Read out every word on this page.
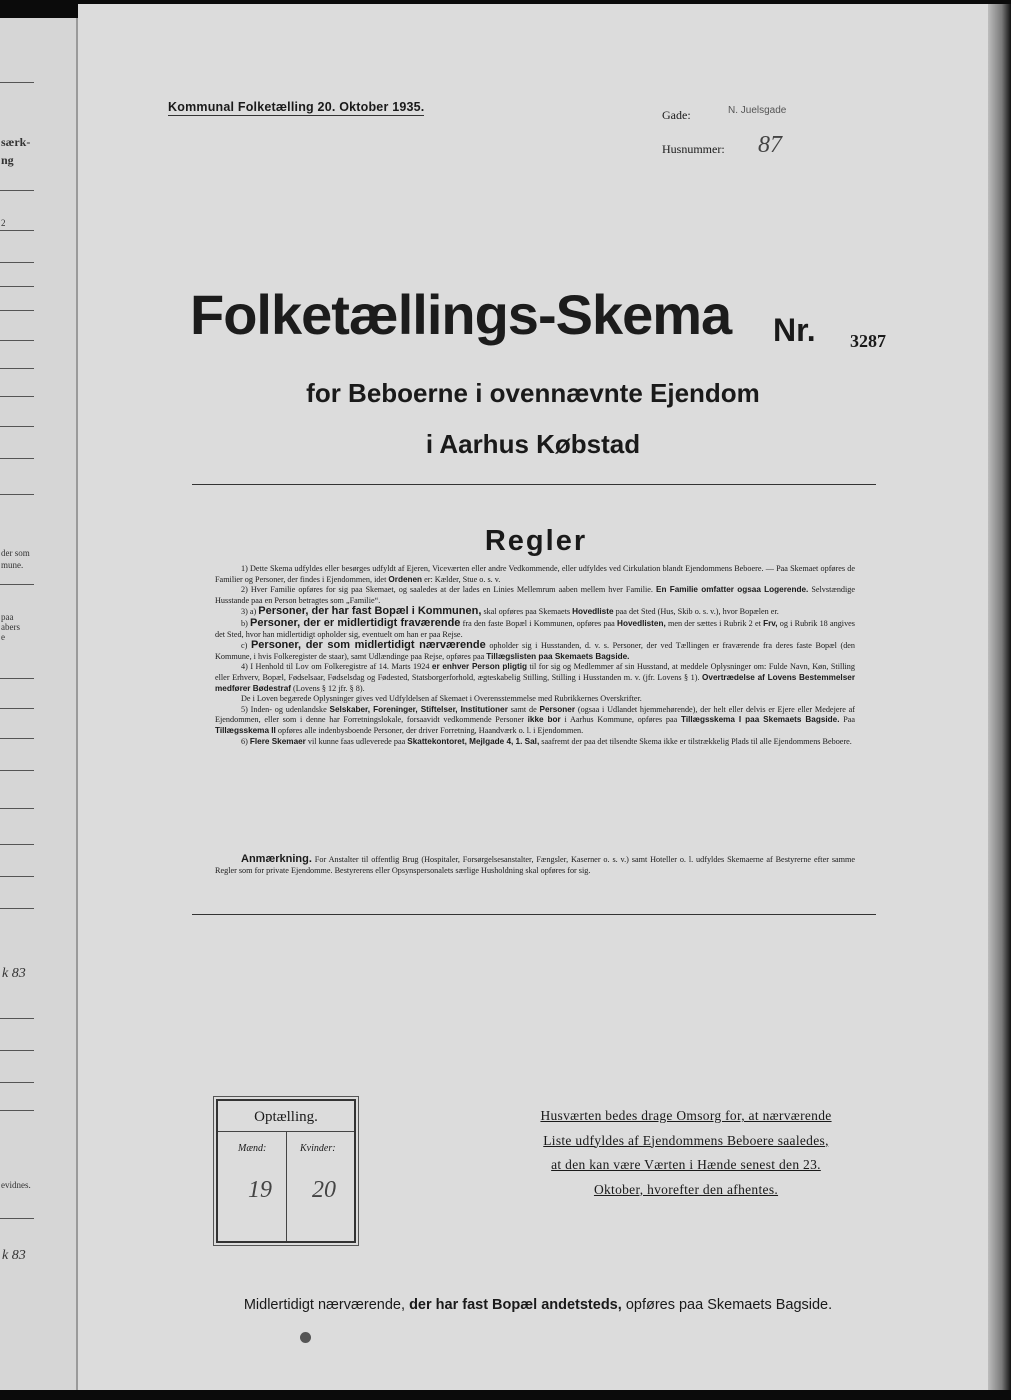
særk-
ng
2
der som
mune.
paa
abers
e
k 83
evidnes.
k 83
Kommunal Folketælling 20. Oktober 1935.
Gade:	N. Juelsgade
Husnummer: 87
Folketællings-Skema	Nr. 3287
for Beboerne i ovennævnte Ejendom
i Aarhus Købstad
Regler

1) Dette Skema udfyldes eller besørges udfyldt af Ejeren, Viceværten eller andre Vedkommende, eller udfyldes ved Cirkulation blandt Ejendommens Beboere. — Paa Skemaet opføres de Familier og Personer, der findes i Ejendommen, idet Ordenen er: Kælder, Stue o. s. v.

2) Hver Familie opføres for sig paa Skemaet, og saaledes at der lades en Linies Mellemrum aaben mellem hver Familie. En Familie omfatter ogsaa Logerende. Selvstændige Husstande paa en Person betragtes som „Familie“.

3) a) Personer, der har fast Bopæl i Kommunen, skal opføres paa Skemaets Hovedliste paa det Sted (Hus, Skib o. s. v.), hvor Bopælen er.

b) Personer, der er midlertidigt fraværende fra den faste Bopæl i Kommunen, opføres paa Hovedlisten, men der sættes i Rubrik 2 et Frv, og i Rubrik 18 angives det Sted, hvor han midlertidigt opholder sig, eventuelt om han er paa Rejse.

c) Personer, der som midlertidigt nærværende opholder sig i Husstanden, d. v. s. Personer, der ved Tællingen er fraværende fra deres faste Bopæl (den Kommune, i hvis Folkeregister de staar), samt Udlændinge paa Rejse, opføres paa Tillægslisten paa Skemaets Bagside.

4) I Henhold til Lov om Folkeregistre af 14. Marts 1924 er enhver Person pligtig til for sig og Medlemmer af sin Husstand, at meddele Oplysninger om: Fulde Navn, Køn, Stilling eller Erhverv, Bopæl, Fødselsaar, Fødselsdag og Fødested, Statsborgerforhold, ægteskabelig Stilling, Stilling i Husstanden m. v. (jfr. Lovens § 1). Overtrædelse af Lovens Bestemmelser medfører Bødestraf (Lovens § 12 jfr. § 8).

De i Loven begærede Oplysninger gives ved Udfyldelsen af Skemaet i Overensstemmelse med Rubrikkernes Overskrifter.

5) Inden- og udenlandske Selskaber, Foreninger, Stiftelser, Institutioner samt de Personer (ogsaa i Udlandet hjemmehørende), der helt eller delvis er Ejere eller Medejere af Ejendommen, eller som i denne har Forretningslokale, forsaavidt vedkommende Personer ikke bor i Aarhus Kommune, opføres paa Tillægsskema I paa Skemaets Bagside. Paa Tillægsskema II opføres alle indenbysboende Personer, der driver Forretning, Haandværk o. l. i Ejendommen.

6) Flere Skemaer vil kunne faas udleverede paa Skattekontoret, Mejlgade 4, 1. Sal, saafremt der paa det tilsendte Skema ikke er tilstrækkelig Plads til alle Ejendommens Beboere.

Anmærkning. For Anstalter til offentlig Brug (Hospitaler, Forsørgelsesanstalter, Fængsler, Kaserner o. s. v.) samt Hoteller o. l. udfyldes Skemaerne af Bestyrerne efter samme Regler som for private Ejendomme. Bestyrerens eller Opsynspersonalets særlige Husholdning skal opføres for sig.
Optælling.
Mænd:	Kvinder:
19 20
Husværten bedes drage Omsorg for, at nærværende
Liste udfyldes af Ejendommens Beboere saaledes,
at den kan være Værten i Hænde senest den 23.
Oktober, hvorefter den afhentes.
Midlertidigt nærværende, der har fast Bopæl andetsteds, opføres paa Skemaets Bagside.
